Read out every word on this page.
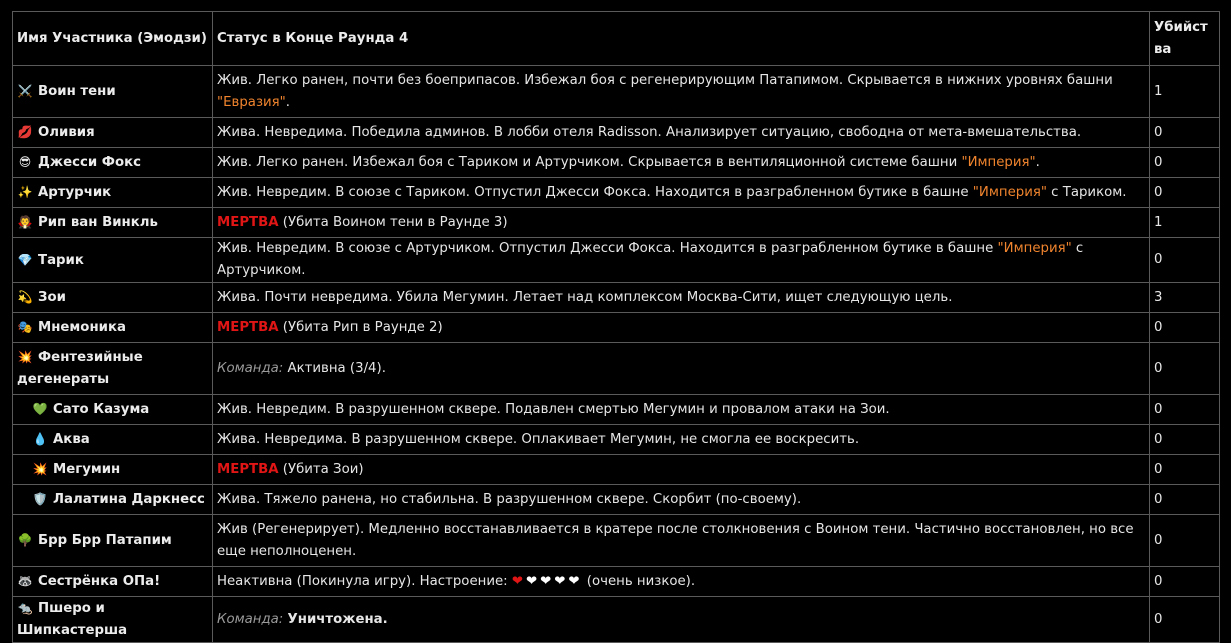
Имя Участника (Эмодзи)	Статус в Конце Раунда 4	Убийства
⚔️ Воин тени	Жив. Легко ранен, почти без боеприпасов. Избежал боя с регенерирующим Патапимом. Скрывается в нижних уровнях башни "Евразия".	1
💋 Оливия	Жива. Невредима. Победила админов. В лобби отеля Radisson. Анализирует ситуацию, свободна от мета-вмешательства.	0
😎 Джесси Фокс	Жив. Легко ранен. Избежал боя с Тариком и Артурчиком. Скрывается в вентиляционной системе башни "Империя".	0
✨ Артурчик	Жив. Невредим. В союзе с Тариком. Отпустил Джесси Фокса. Находится в разграбленном бутике в башне "Империя" с Тариком.	0
🧛 Рип ван Винкль	МЕРТВА (Убита Воином тени в Раунде 3)	1
💎 Тарик	Жив. Невредим. В союзе с Артурчиком. Отпустил Джесси Фокса. Находится в разграбленном бутике в башне "Империя" с Артурчиком.	0
💫 Зои	Жива. Почти невредима. Убила Мегумин. Летает над комплексом Москва-Сити, ищет следующую цель.	3
🎭 Мнемоника	МЕРТВА (Убита Рип в Раунде 2)	0
💥 Фентезийные дегенераты	Команда: Активна (3/4).	0
💚 Сато Казума	Жив. Невредим. В разрушенном сквере. Подавлен смертью Мегумин и провалом атаки на Зои.	0
💧 Аква	Жива. Невредима. В разрушенном сквере. Оплакивает Мегумин, не смогла ее воскресить.	0
💥 Мегумин	МЕРТВА (Убита Зои)	0
🛡️ Лалатина Даркнесс	Жива. Тяжело ранена, но стабильна. В разрушенном сквере. Скорбит (по-своему).	0
🌳 Брр Брр Патапим	Жив (Регенерирует). Медленно восстанавливается в кратере после столкновения с Воином тени. Частично восстановлен, но все еще неполноценен.	0
🦝 Сестрёнка ОПа!	Неактивна (Покинула игру). Настроение: ❤❤❤❤❤ (очень низкое).	0
🐀 Пшеро и Шипкастерша	Команда: Уничтожена.	0
